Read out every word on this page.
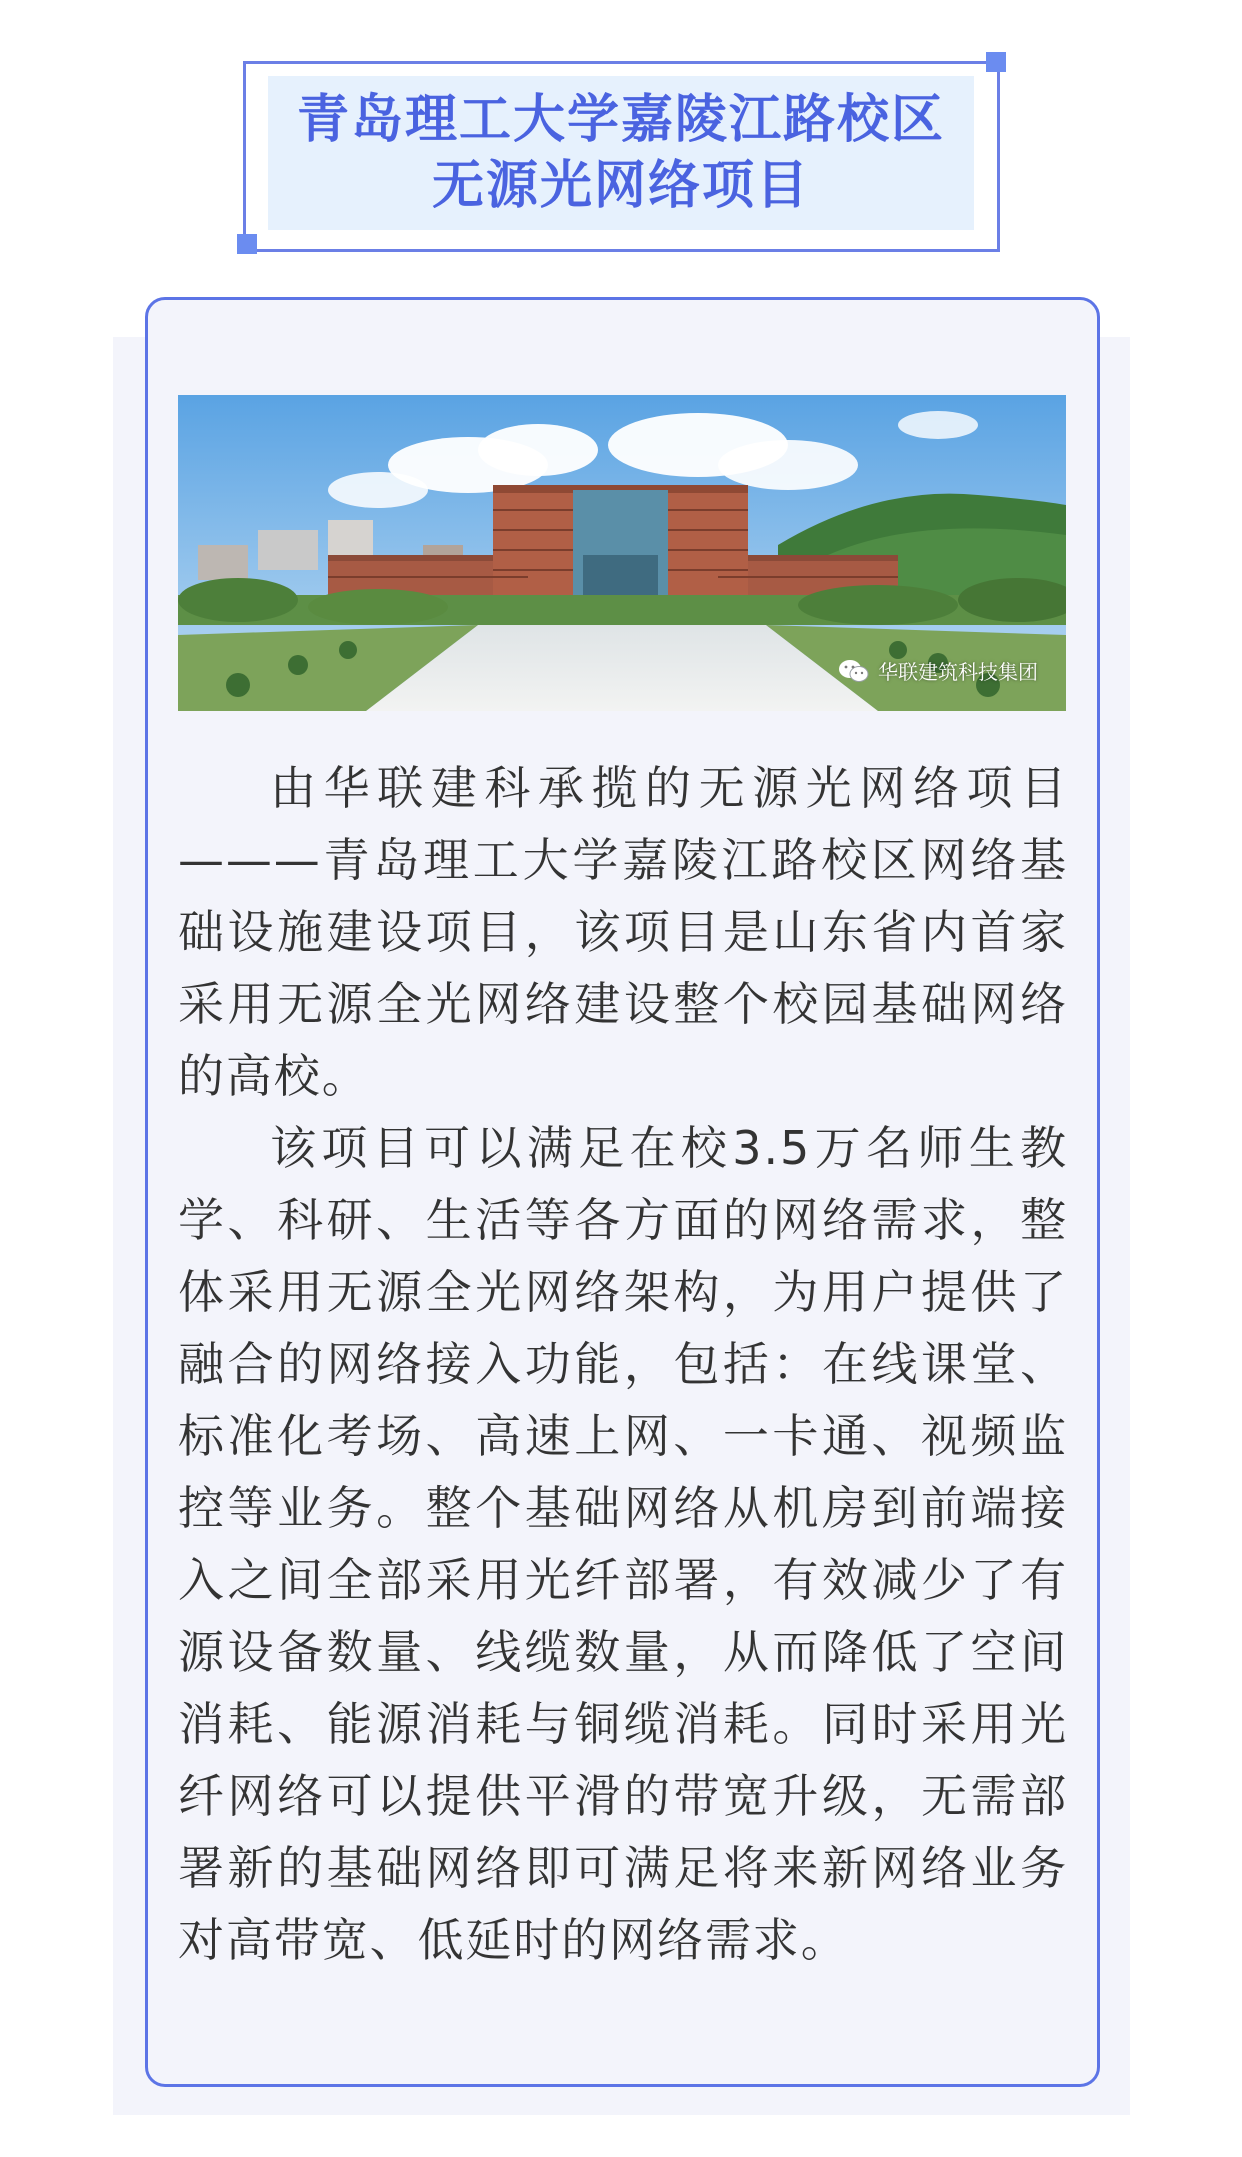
青岛理工大学嘉陵江路校区
无源光网络项目
华联建筑科技集团

由华联建科承揽的无源光网络项目———青岛理工大学嘉陵江路校区网络基础设施建设项目，该项目是山东省内首家采用无源全光网络建设整个校园基础网络的高校。

该项目可以满足在校3.5万名师生教学、科研、生活等各方面的网络需求，整体采用无源全光网络架构，为用户提供了融合的网络接入功能，包括：在线课堂、标准化考场、高速上网、一卡通、视频监控等业务。整个基础网络从机房到前端接入之间全部采用光纤部署，有效减少了有源设备数量、线缆数量，从而降低了空间消耗、能源消耗与铜缆消耗。同时采用光纤网络可以提供平滑的带宽升级，无需部署新的基础网络即可满足将来新网络业务对高带宽、低延时的网络需求。
